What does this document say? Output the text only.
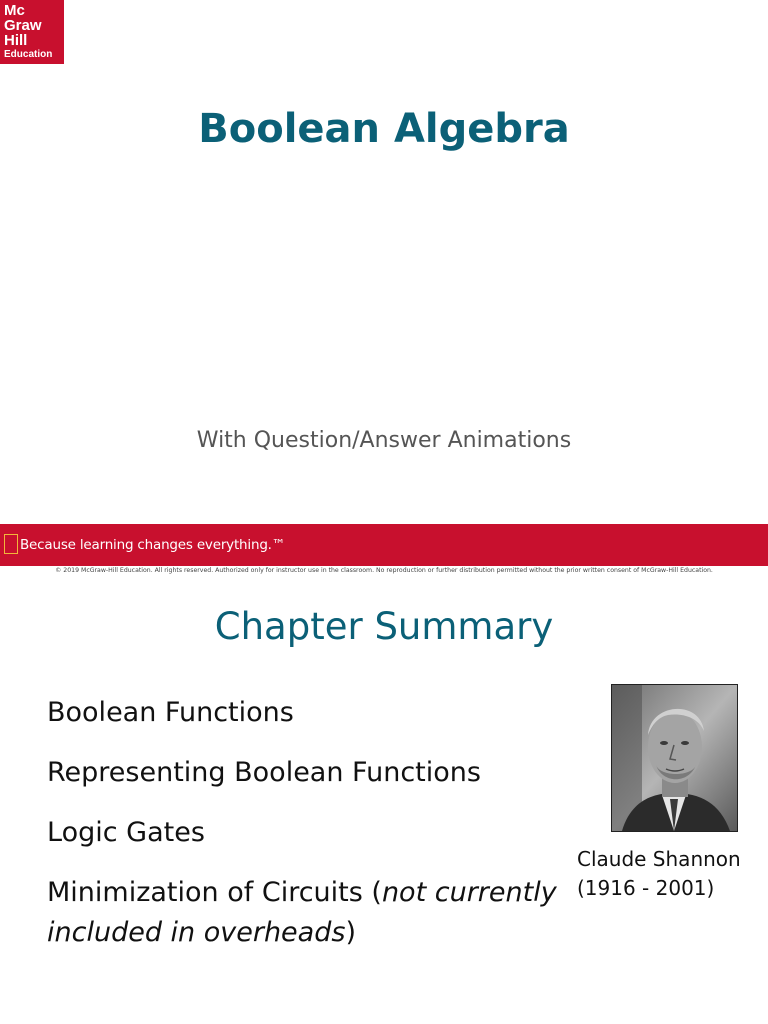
Mc
Graw
Hill
Education
Boolean Algebra
With Question/Answer Animations
Because learning changes everything.™
© 2019 McGraw-Hill Education. All rights reserved. Authorized only for instructor use in the classroom. No reproduction or further distribution permitted without the prior written consent of McGraw-Hill Education.
Chapter Summary
Boolean Functions
Representing Boolean Functions
Logic Gates
Minimization of Circuits (not currently included in overheads)
Claude Shannon
(1916 - 2001)
